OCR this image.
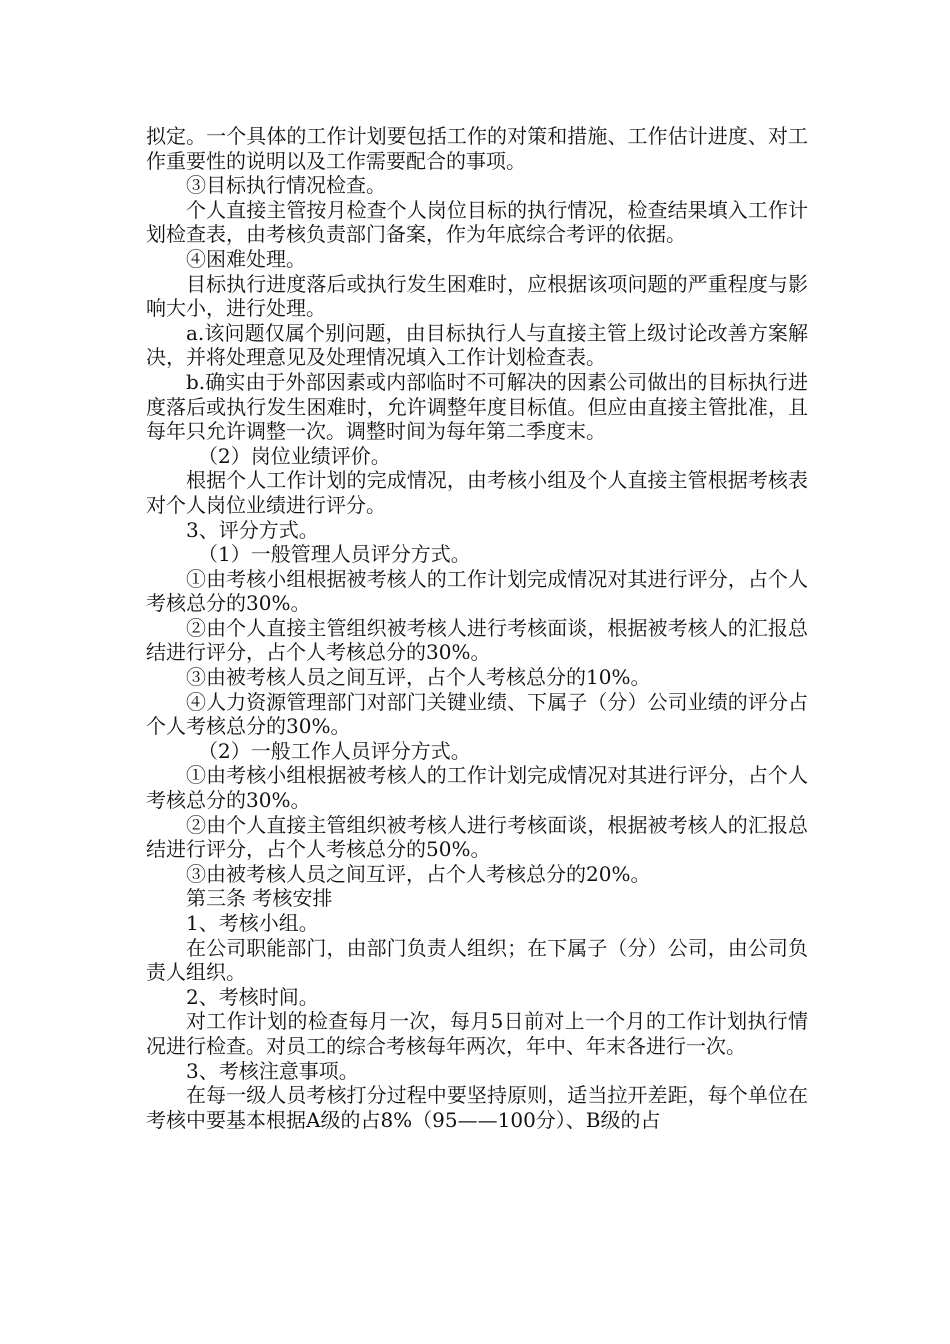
拟定。一个具体的工作计划要包括工作的对策和措施、工作估计进度、对工作重要性的说明以及工作需要配合的事项。

③目标执行情况检查。

个人直接主管按月检查个人岗位目标的执行情况，检查结果填入工作计划检查表，由考核负责部门备案，作为年底综合考评的依据。

④困难处理。

目标执行进度落后或执行发生困难时，应根据该项问题的严重程度与影响大小，进行处理。

a.该问题仅属个别问题，由目标执行人与直接主管上级讨论改善方案解决，并将处理意见及处理情况填入工作计划检查表。

b.确实由于外部因素或内部临时不可解决的因素公司做出的目标执行进度落后或执行发生困难时，允许调整年度目标值。但应由直接主管批准，且每年只允许调整一次。调整时间为每年第二季度末。

（2）岗位业绩评价。

根据个人工作计划的完成情况，由考核小组及个人直接主管根据考核表对个人岗位业绩进行评分。

3、评分方式。

（1）一般管理人员评分方式。

①由考核小组根据被考核人的工作计划完成情况对其进行评分，占个人考核总分的30%。

②由个人直接主管组织被考核人进行考核面谈，根据被考核人的汇报总结进行评分，占个人考核总分的30%。

③由被考核人员之间互评，占个人考核总分的10%。

④人力资源管理部门对部门关键业绩、下属子（分）公司业绩的评分占个人考核总分的30%。

（2）一般工作人员评分方式。

①由考核小组根据被考核人的工作计划完成情况对其进行评分，占个人考核总分的30%。

②由个人直接主管组织被考核人进行考核面谈，根据被考核人的汇报总结进行评分，占个人考核总分的50%。

③由被考核人员之间互评，占个人考核总分的20%。

第三条 考核安排

1、考核小组。

在公司职能部门，由部门负责人组织；在下属子（分）公司，由公司负责人组织。

2、考核时间。

对工作计划的检查每月一次，每月5日前对上一个月的工作计划执行情况进行检查。对员工的综合考核每年两次，年中、年末各进行一次。

3、考核注意事项。

在每一级人员考核打分过程中要坚持原则，适当拉开差距，每个单位在考核中要基本根据A级的占8%（95——100分）、B级的占
